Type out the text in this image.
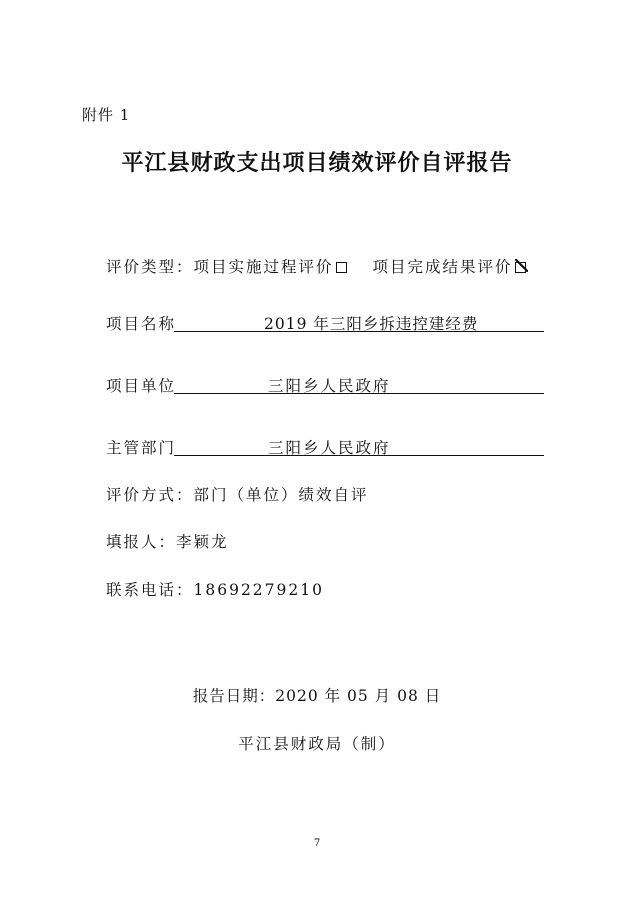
附件 1
平江县财政支出项目绩效评价自评报告
评价类型：项目实施过程评价	项目完成结果评价
项目名称	2019 年三阳乡拆违控建经费
项目单位	三阳乡人民政府
主管部门	三阳乡人民政府
评价方式：部门（单位）绩效自评
填报人：李颖龙
联系电话：18692279210
报告日期：2020 年 05 月 08 日
平江县财政局（制）
7
